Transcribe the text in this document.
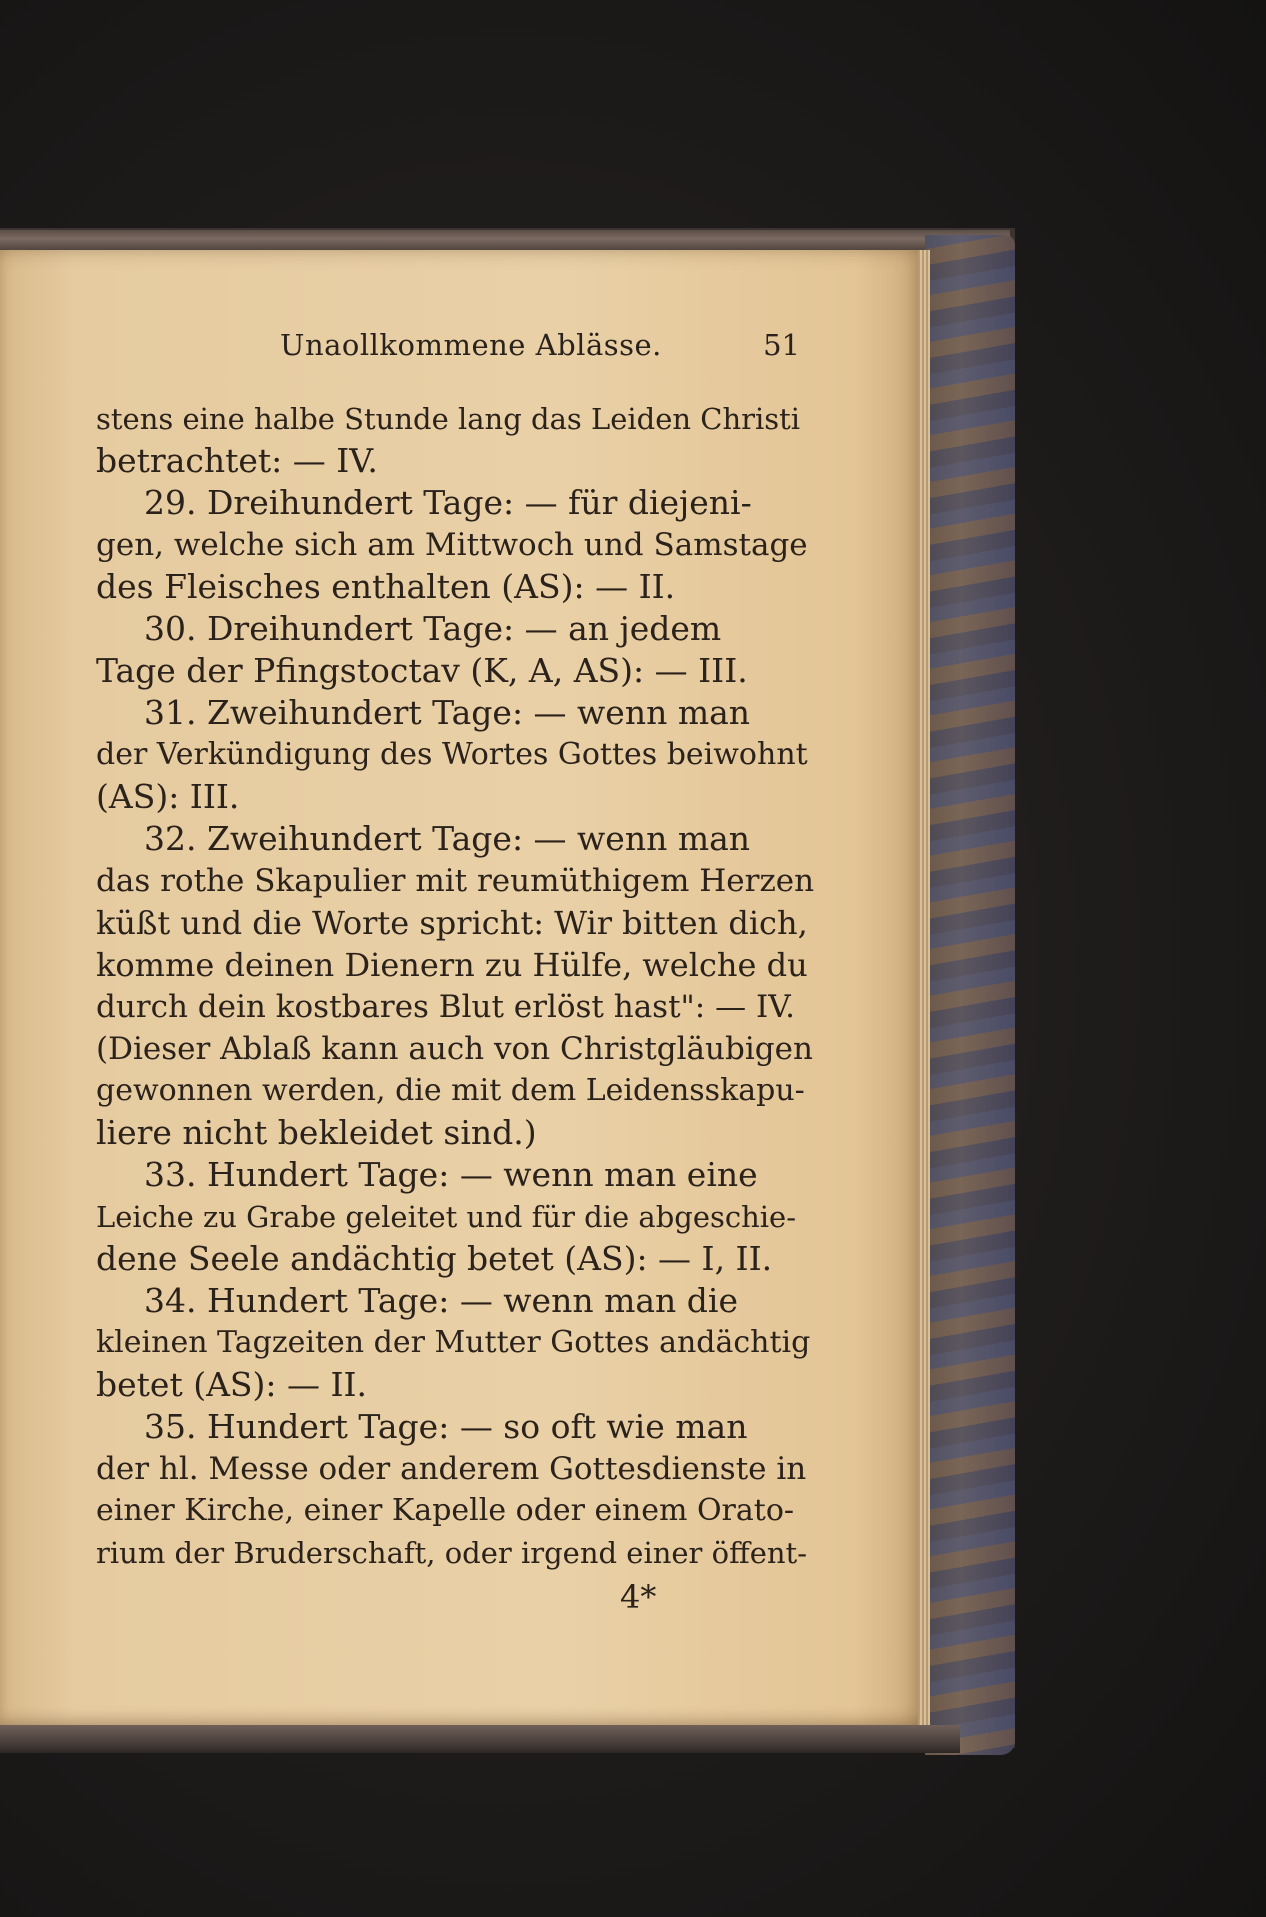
Unaollkommene Ablässe.	51
stens eine halbe Stunde lang das Leiden Christi
betrachtet: — IV.
29. Dreihundert Tage: — für diejeni-
gen, welche sich am Mittwoch und Samstage
des Fleisches enthalten (AS): — II.
30. Dreihundert Tage: — an jedem
Tage der Pfingstoctav (K, A, AS): — III.
31. Zweihundert Tage: — wenn man
der Verkündigung des Wortes Gottes beiwohnt
(AS): III.
32. Zweihundert Tage: — wenn man
das rothe Skapulier mit reumüthigem Herzen
küßt und die Worte spricht: Wir bitten dich,
komme deinen Dienern zu Hülfe, welche du
durch dein kostbares Blut erlöst hast": — IV.
(Dieser Ablaß kann auch von Christgläubigen
gewonnen werden, die mit dem Leidensskapu-
liere nicht bekleidet sind.)
33. Hundert Tage: — wenn man eine
Leiche zu Grabe geleitet und für die abgeschie-
dene Seele andächtig betet (AS): — I, II.
34. Hundert Tage: — wenn man die
kleinen Tagzeiten der Mutter Gottes andächtig
betet (AS): — II.
35. Hundert Tage: — so oft wie man
der hl. Messe oder anderem Gottesdienste in
einer Kirche, einer Kapelle oder einem Orato-
rium der Bruderschaft, oder irgend einer öffent-
4*
